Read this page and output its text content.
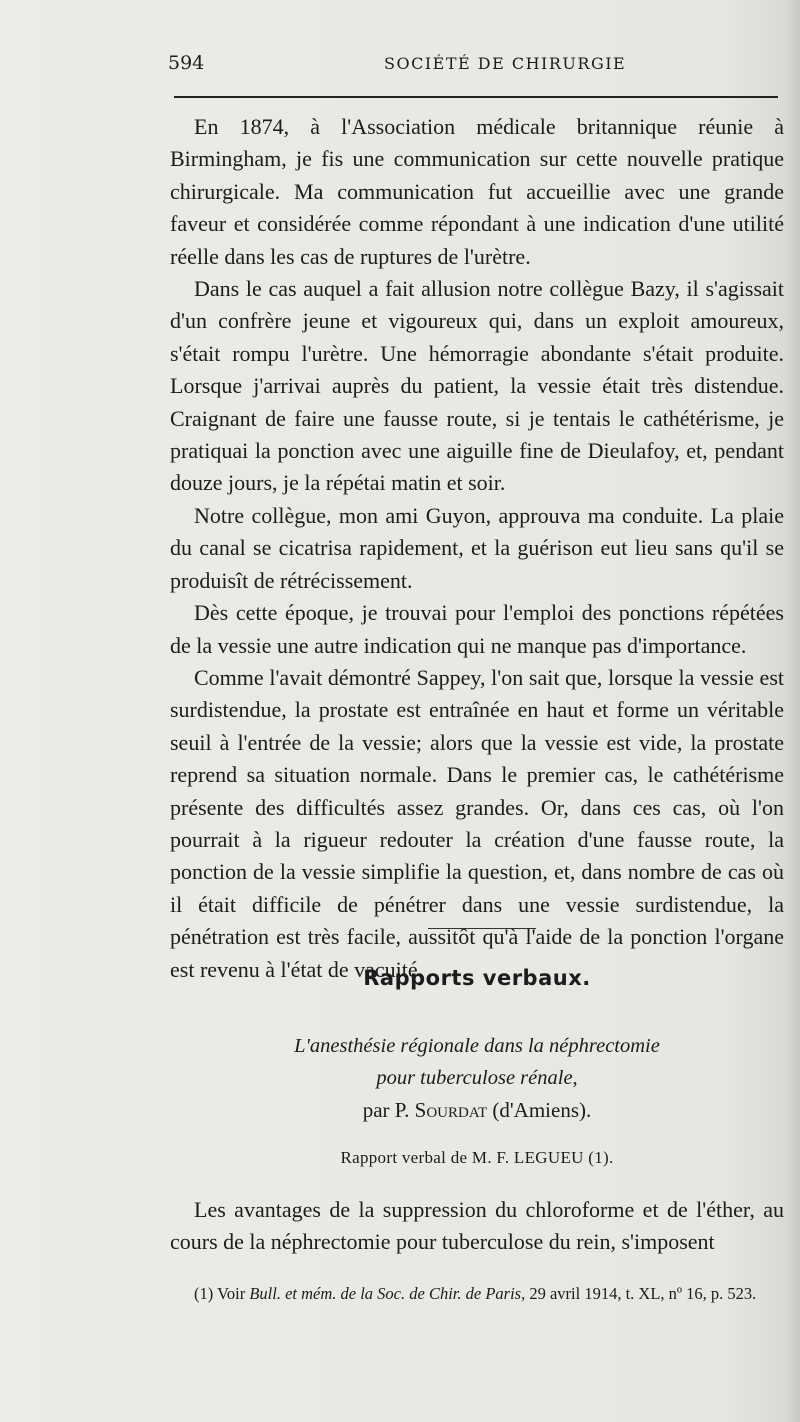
594	SOCIÉTÉ DE CHIRURGIE

En 1874, à l'Association médicale britannique réunie à Birmingham, je fis une communication sur cette nouvelle pratique chirurgicale. Ma communication fut accueillie avec une grande faveur et considérée comme répondant à une indication d'une utilité réelle dans les cas de ruptures de l'urètre.

Dans le cas auquel a fait allusion notre collègue Bazy, il s'agissait d'un confrère jeune et vigoureux qui, dans un exploit amoureux, s'était rompu l'urètre. Une hémorragie abondante s'était produite. Lorsque j'arrivai auprès du patient, la vessie était très distendue. Craignant de faire une fausse route, si je tentais le cathétérisme, je pratiquai la ponction avec une aiguille fine de Dieulafoy, et, pendant douze jours, je la répétai matin et soir.

Notre collègue, mon ami Guyon, approuva ma conduite. La plaie du canal se cicatrisa rapidement, et la guérison eut lieu sans qu'il se produisît de rétrécissement.

Dès cette époque, je trouvai pour l'emploi des ponctions répétées de la vessie une autre indication qui ne manque pas d'importance.

Comme l'avait démontré Sappey, l'on sait que, lorsque la vessie est surdistendue, la prostate est entraînée en haut et forme un véritable seuil à l'entrée de la vessie; alors que la vessie est vide, la prostate reprend sa situation normale. Dans le premier cas, le cathétérisme présente des difficultés assez grandes. Or, dans ces cas, où l'on pourrait à la rigueur redouter la création d'une fausse route, la ponction de la vessie simplifie la question, et, dans nombre de cas où il était difficile de pénétrer dans une vessie surdistendue, la pénétration est très facile, aussitôt qu'à l'aide de la ponction l'organe est revenu à l'état de vacuité.

Rapports verbaux.
L'anesthésie régionale dans la néphrectomie
pour tuberculose rénale,
par P. Sourdat (d'Amiens).
Rapport verbal de M. F. LEGUEU (1).

Les avantages de la suppression du chloroforme et de l'éther, au cours de la néphrectomie pour tuberculose du rein, s'imposent

(1) Voir Bull. et mém. de la Soc. de Chir. de Paris, 29 avril 1914, t. XL, nº 16, p. 523.
